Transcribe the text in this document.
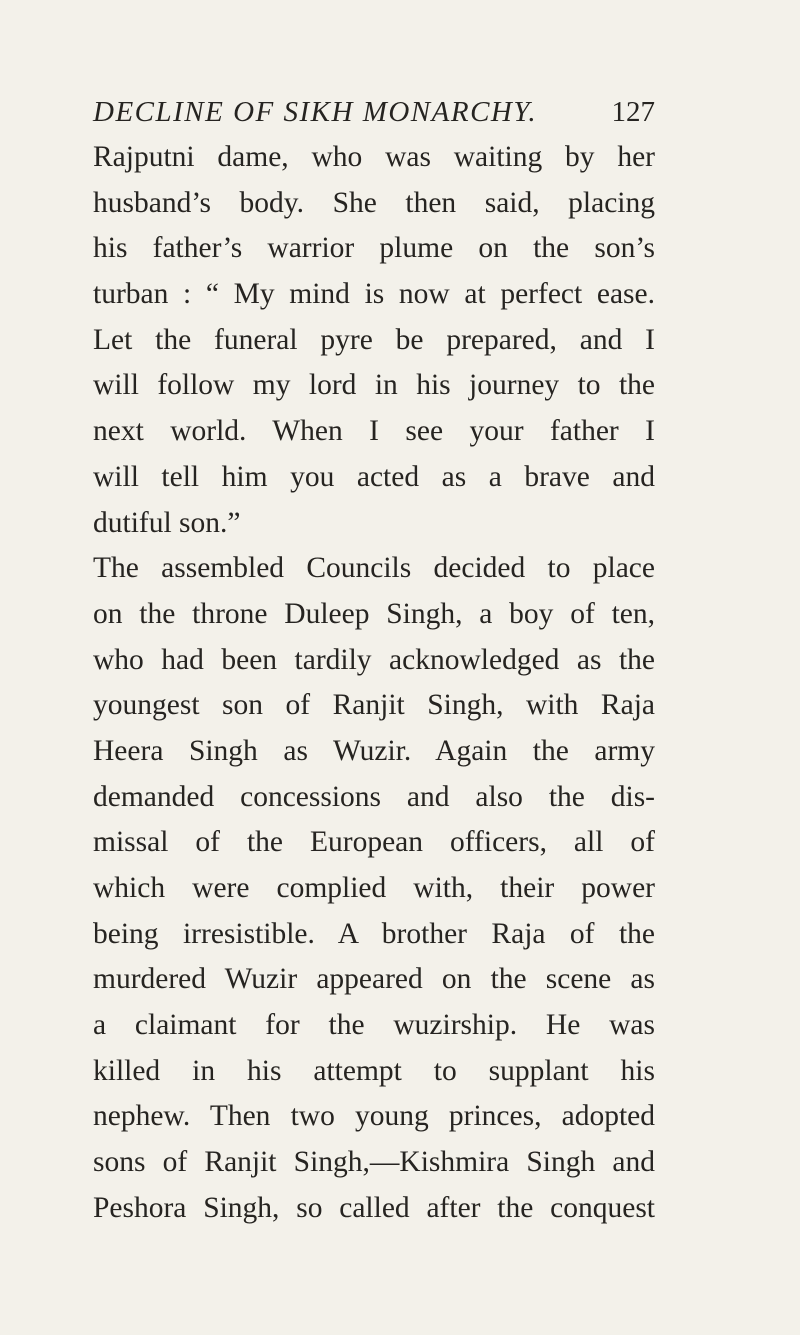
DECLINE OF SIKH MONARCHY.	127
Rajputni dame, who was waiting by her
husband’s body. She then said, placing
his father’s warrior plume on the son’s
turban : “ My mind is now at perfect ease.
Let the funeral pyre be prepared, and I
will follow my lord in his journey to the
next world. When I see your father I
will tell him you acted as a brave and
dutiful son.”
The assembled Councils decided to place
on the throne Duleep Singh, a boy of ten,
who had been tardily acknowledged as the
youngest son of Ranjit Singh, with Raja
Heera Singh as Wuzir. Again the army
demanded concessions and also the dis-
missal of the European officers, all of
which were complied with, their power
being irresistible. A brother Raja of the
murdered Wuzir appeared on the scene as
a claimant for the wuzirship. He was
killed in his attempt to supplant his
nephew. Then two young princes, adopted
sons of Ranjit Singh,—Kishmira Singh and
Peshora Singh, so called after the conquest
